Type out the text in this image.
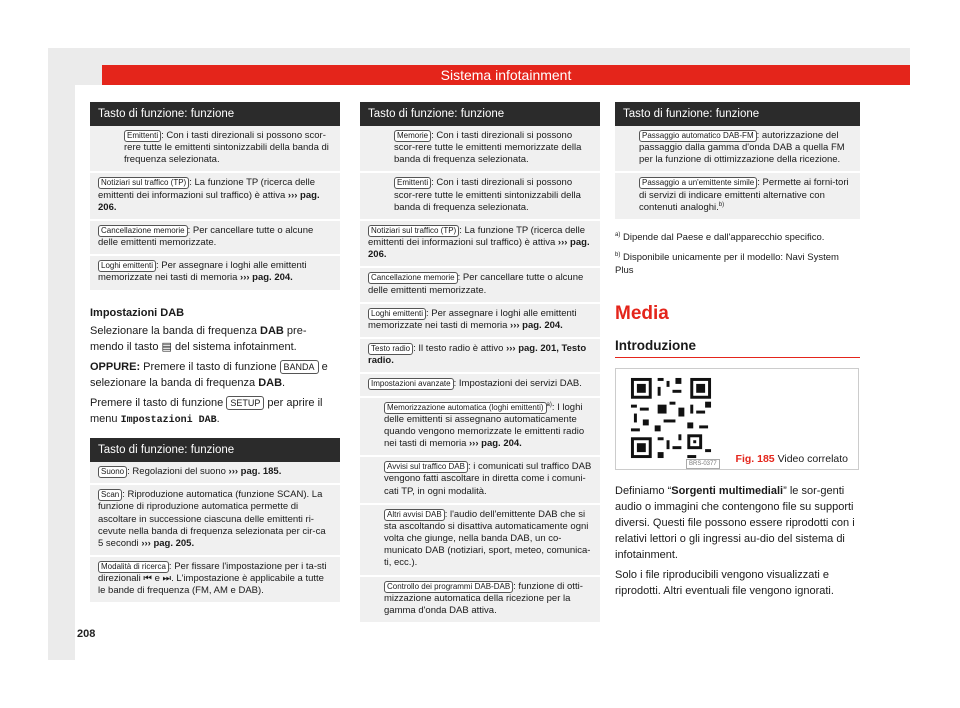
Sistema infotainment
Tasto di funzione: funzione
Emittenti : Con i tasti direzionali si possono scor-rere tutte le emittenti sintonizzabili della banda di frequenza selezionata.
Notiziari sul traffico (TP) : La funzione TP (ricerca delle emittenti dei informazioni sul traffico) è attiva ››› pag. 206.
Cancellazione memorie : Per cancellare tutte o alcune delle emittenti memorizzate.
Loghi emittenti : Per assegnare i loghi alle emittenti memorizzate nei tasti di memoria ››› pag. 204.
Impostazioni DAB

Selezionare la banda di frequenza DAB pre-mendo il tasto ▤ del sistema infotainment.

OPPURE: Premere il tasto di funzione BANDA e selezionare la banda di frequenza DAB.

Premere il tasto di funzione SETUP per aprire il menu Impostazioni DAB.

Tasto di funzione: funzione
Suono : Regolazioni del suono ››› pag. 185.
Scan : Riproduzione automatica (funzione SCAN). La funzione di riproduzione automatica permette di ascoltare in successione ciascuna delle emittenti ri-cevute nella banda di frequenza selezionata per cir-ca 5 secondi ››› pag. 205.
Modalità di ricerca : Per fissare l'impostazione per i ta-sti direzionali ⏮ e ⏭. L'impostazione è applicabile a tutte le bande di frequenza (FM, AM e DAB).
Tasto di funzione: funzione
Memorie : Con i tasti direzionali si possono scor-rere tutte le emittenti memorizzate della banda di frequenza selezionata.
Emittenti : Con i tasti direzionali si possono scor-rere tutte le emittenti sintonizzabili della banda di frequenza selezionata.
Notiziari sul traffico (TP) : La funzione TP (ricerca delle emittenti dei informazioni sul traffico) è attiva ››› pag. 206.
Cancellazione memorie : Per cancellare tutte o alcune delle emittenti memorizzate.
Loghi emittenti : Per assegnare i loghi alle emittenti memorizzate nei tasti di memoria ››› pag. 204.
Testo radio : Il testo radio è attivo ››› pag. 201, Testo radio.
Impostazioni avanzate : Impostazioni dei servizi DAB.
Memorizzazione automatica (loghi emittenti) $^{a)}$: I loghi delle emittenti si assegnano automaticamente quando vengono memorizzate le emittenti radio nei tasti di memoria ››› pag. 204.
Avvisi sul traffico DAB : i comunicati sul traffico DAB vengono fatti ascoltare in diretta come i comuni-cati TP, in ogni modalità.
Altri avvisi DAB : l'audio dell'emittente DAB che si sta ascoltando si disattiva automaticamente ogni volta che giunge, nella banda DAB, un co-municato DAB (notiziari, sport, meteo, comunica-ti, ecc.).
Controllo dei programmi DAB-DAB : funzione di otti-mizzazione automatica della ricezione per la gamma d'onda DAB attiva.
Tasto di funzione: funzione
Passaggio automatico DAB-FM : autorizzazione del passaggio dalla gamma d'onda DAB a quella FM per la funzione di ottimizzazione della ricezione.
Passaggio a un'emittente simile : Permette ai forni-tori di servizi di indicare emittenti alternative con contenuti analoghi.$^{b)}$
$^{a)}$ Dipende dal Paese e dall'apparecchio specifico.
$^{b)}$ Disponibile unicamente per il modello: Navi System Plus
Media
Introduzione
BRS-0377 Fig. 185 Video correlato

Definiamo “Sorgenti multimediali” le sor-genti audio o immagini che contengono file su supporti diversi. Questi file possono essere riprodotti con i relativi lettori o gli ingressi au-dio del sistema di infotainment.

Solo i file riproducibili vengono visualizzati e riprodotti. Altri eventuali file vengono ignorati.

208
